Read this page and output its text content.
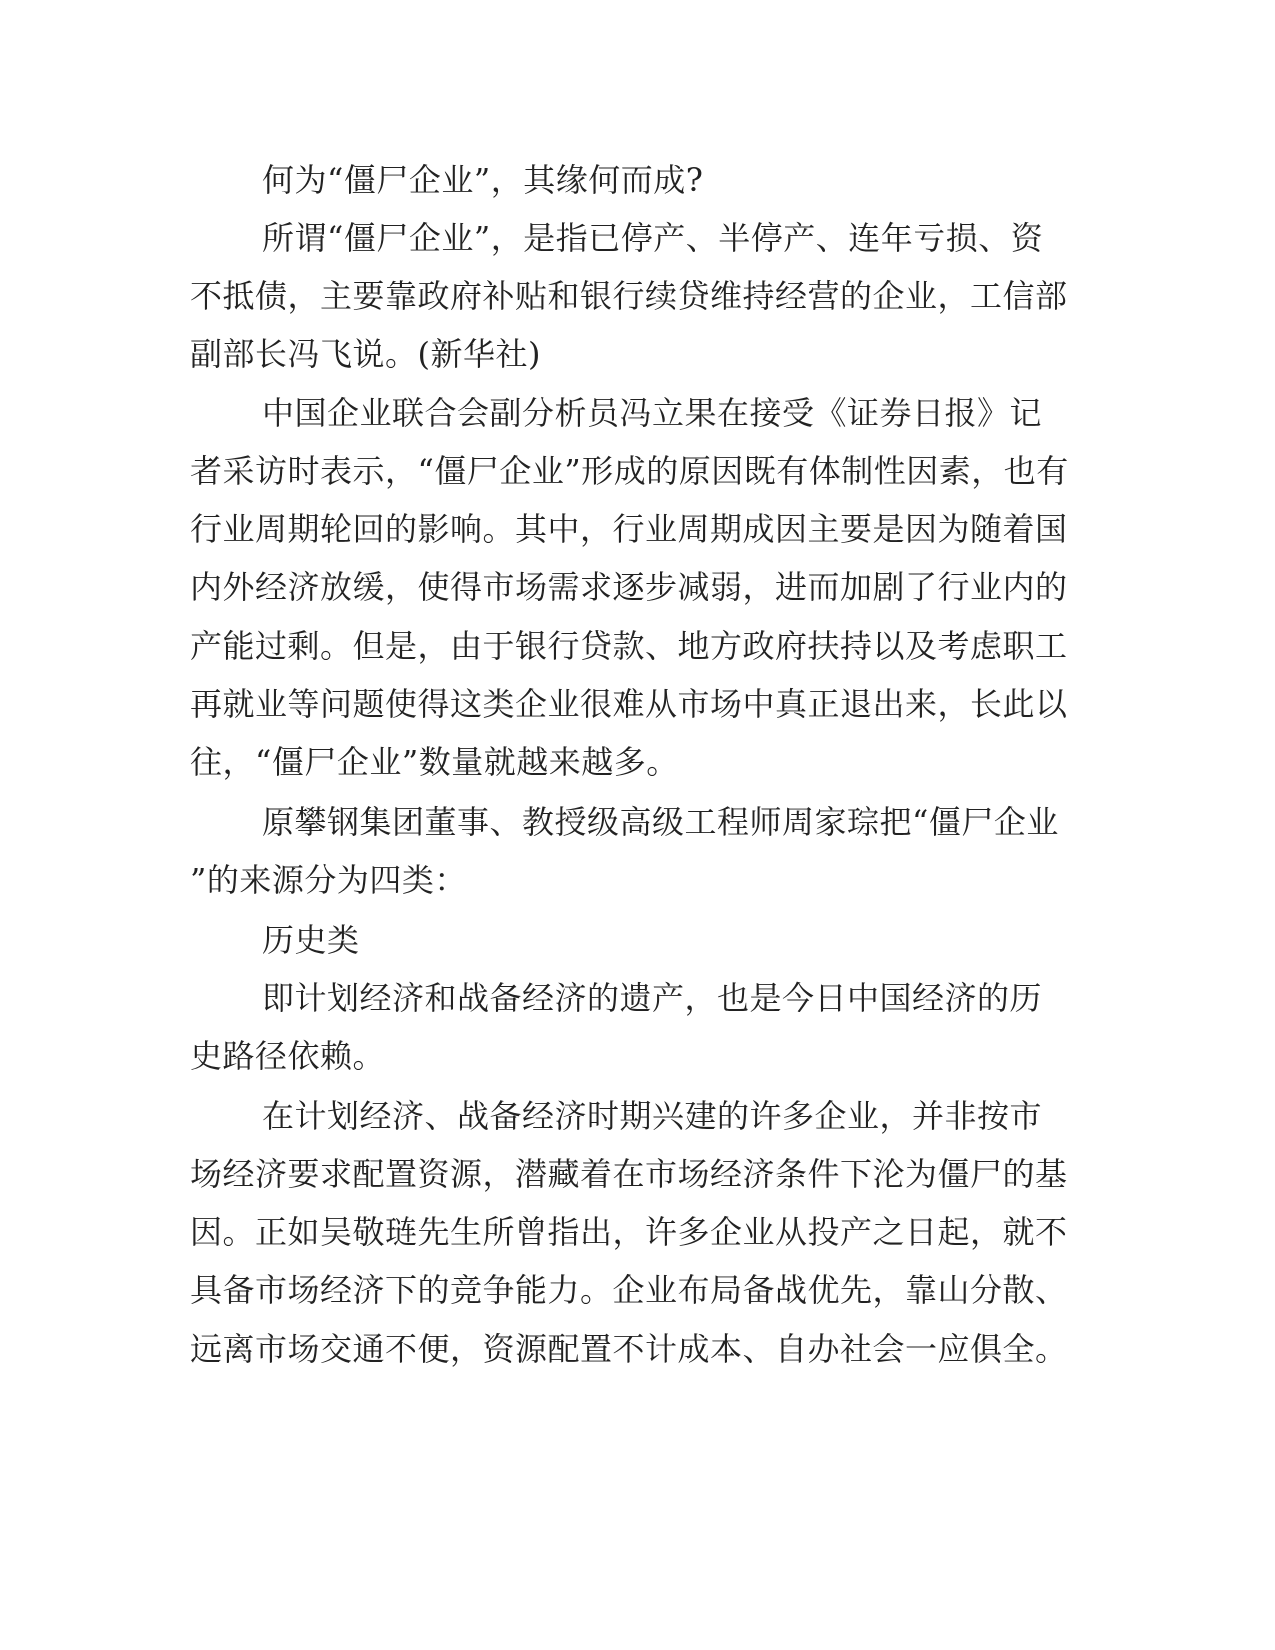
何为“僵尸企业”，其缘何而成?
所谓“僵尸企业”，是指已停产、半停产、连年亏损、资
不抵债，主要靠政府补贴和银行续贷维持经营的企业，工信部
副部长冯飞说。(新华社)
中国企业联合会副分析员冯立果在接受《证券日报》记
者采访时表示，“僵尸企业”形成的原因既有体制性因素，也有
行业周期轮回的影响。其中，行业周期成因主要是因为随着国
内外经济放缓，使得市场需求逐步减弱，进而加剧了行业内的
产能过剩。但是，由于银行贷款、地方政府扶持以及考虑职工
再就业等问题使得这类企业很难从市场中真正退出来，长此以
往，“僵尸企业”数量就越来越多。
原攀钢集团董事、教授级高级工程师周家琮把“僵尸企业
”的来源分为四类：
历史类
即计划经济和战备经济的遗产，也是今日中国经济的历
史路径依赖。
在计划经济、战备经济时期兴建的许多企业，并非按市
场经济要求配置资源，潜藏着在市场经济条件下沦为僵尸的基
因。正如吴敬琏先生所曾指出，许多企业从投产之日起，就不
具备市场经济下的竞争能力。企业布局备战优先，靠山分散、
远离市场交通不便，资源配置不计成本、自办社会一应俱全。
